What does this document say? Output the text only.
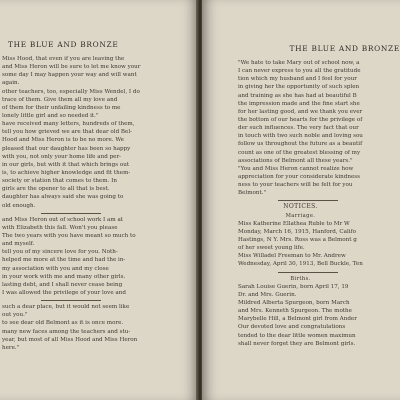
THE BLUE AND BRONZE
Miss Hood, that even if you are leaving the
and Miss Heron will be sure to let me know your
some day I may happen your way and will want
again.
other teachers, too, especially Miss Wendel, I do
trace of them. Give them all my love and
of them for their unfailing kindness to me
lonely little girl and so needed it."
have received many letters, hundreds of them,
tell you how grieved we are that dear old Bel-
Hood and Miss Heron is to be no more. We
pleased that our daughter has been so happy
with you, not only your home life and per-
in our girls, but with it that which brings out
is, to achieve higher knowledge and fit them-
society or station that comes to them. In
girls are the opener to all that is best.
daughter has always said she was going to
old enough.
and Miss Heron out of school work I am at
with Elizabeth this fall. Won't you please
The two years with you have meant so much to
and myself.
tell you of my sincere love for you. Noth-
helped me more at the time and had the in-
my association with you and my close
in your work with me and many other girls.
lasting debt, and I shall never cease being
I was allowed the privilege of your love and
such a dear place, but it would not seem like
out you."
to see dear old Belmont as it is once more.
many new faces among the teachers and stu-
year, but most of all Miss Hood and Miss Heron
here."
THE BLUE AND BRONZE
"We hate to take Mary out of school now, a
I can never express to you all the gratitude
tion which my husband and I feel for your
in giving her the opportunity of such splen
and training as she has had at beautiful B
the impression made and the fine start she
for her lasting good, and we thank you ever
the bottom of our hearts for the privilege of
der such influences. The very fact that our
in touch with two such noble and loving sou
follow us throughout the future as a beautif
count as one of the greatest blessing of my
associations of Belmont all these years."
"You and Miss Heron cannot realize how
appreciation for your considerate kindness
ness to your teachers will be felt for you
Belmont."
NOTICES.
Marriage.
Miss Katherine Ellathea Ruble to Mr W
Monday, March 16, 1915, Hanford, Califo
Hastings, N Y. Mrs. Ross was a Belmont g
of her sweet young life.
Miss Willadel Freeman to Mr. Andrew
Wednesday, April 30, 1913, Bell Buckle, Ten
Births.
Sarah Louise Guerin, born April 17, 19
Dr. and Mrs. Guerin.
Mildred Alberta Spurgeon, born March
and Mrs. Kenneth Spurgeon. The mothe
Marybelle Hill, a Belmont girl from Ander
Our devoted love and congratulations
tended to the dear little women maximun
shall never forget they are Belmont girls.
